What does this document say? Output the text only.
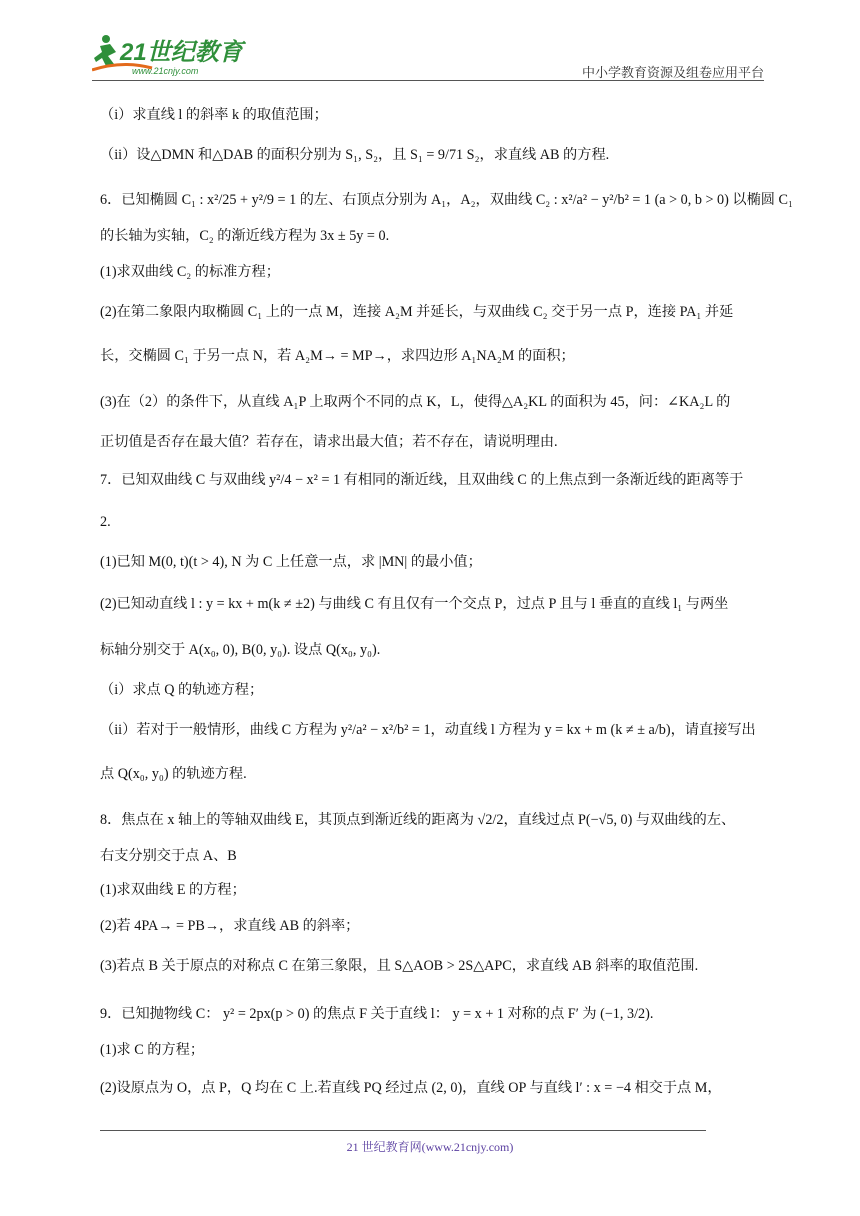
21世纪教育
www.21cnjy.com	中小学教育资源及组卷应用平台
（i）求直线 l 的斜率 k 的取值范围；
（ii）设△DMN 和△DAB 的面积分别为 S₁, S₂，且 S₁ = 9/71 S₂，求直线 AB 的方程.
6．已知椭圆 C₁ : x²/25 + y²/9 = 1 的左、右顶点分别为 A₁，A₂，双曲线 C₂ : x²/a² − y²/b² = 1 (a > 0, b > 0) 以椭圆 C₁
的长轴为实轴，C₂ 的渐近线方程为 3x ± 5y = 0.
(1)求双曲线 C₂ 的标准方程；
(2)在第二象限内取椭圆 C₁ 上的一点 M，连接 A₂M 并延长，与双曲线 C₂ 交于另一点 P，连接 PA₁ 并延
长，交椭圆 C₁ 于另一点 N，若 A₂M→ = MP→，求四边形 A₁NA₂M 的面积；
(3)在（2）的条件下，从直线 A₁P 上取两个不同的点 K，L，使得△A₂KL 的面积为 45，问：∠KA₂L 的
正切值是否存在最大值？若存在，请求出最大值；若不存在，请说明理由.
7．已知双曲线 C 与双曲线 y²/4 − x² = 1 有相同的渐近线，且双曲线 C 的上焦点到一条渐近线的距离等于
2.
(1)已知 M(0, t)(t > 4), N 为 C 上任意一点，求 |MN| 的最小值；
(2)已知动直线 l : y = kx + m(k ≠ ±2) 与曲线 C 有且仅有一个交点 P，过点 P 且与 l 垂直的直线 l₁ 与两坐
标轴分别交于 A(x₀, 0), B(0, y₀). 设点 Q(x₀, y₀).
（i）求点 Q 的轨迹方程；
（ii）若对于一般情形，曲线 C 方程为 y²/a² − x²/b² = 1，动直线 l 方程为 y = kx + m (k ≠ ± a/b)，请直接写出
点 Q(x₀, y₀) 的轨迹方程.
8．焦点在 x 轴上的等轴双曲线 E，其顶点到渐近线的距离为 √2/2，直线过点 P(−√5, 0) 与双曲线的左、
右支分别交于点 A、B
(1)求双曲线 E 的方程；
(2)若 4PA→ = PB→，求直线 AB 的斜率；
(3)若点 B 关于原点的对称点 C 在第三象限，且 S△AOB > 2S△APC，求直线 AB 斜率的取值范围.
9．已知抛物线 C： y² = 2px(p > 0) 的焦点 F 关于直线 l： y = x + 1 对称的点 F′ 为 (−1, 3/2).
(1)求 C 的方程；
(2)设原点为 O，点 P，Q 均在 C 上.若直线 PQ 经过点 (2, 0)，直线 OP 与直线 l′ : x = −4 相交于点 M，
21 世纪教育网(www.21cnjy.com)
